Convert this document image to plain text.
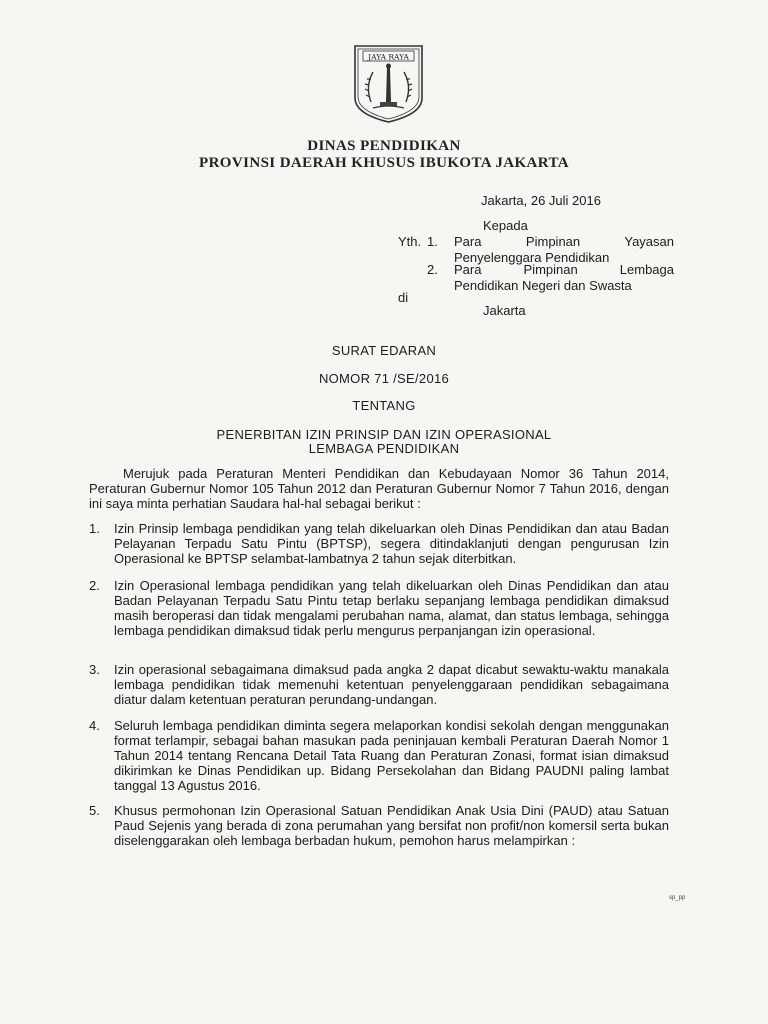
JAYA RAYA
DINAS PENDIDIKAN
PROVINSI DAERAH KHUSUS IBUKOTA JAKARTA
Jakarta, 26 Juli 2016
Kepada
Yth. 1. Para Pimpinan Yayasan
Penyelenggara Pendidikan
2. Para Pimpinan Lembaga
Pendidikan Negeri dan Swasta
di
Jakarta
SURAT EDARAN
NOMOR 71 /SE/2016
TENTANG
PENERBITAN IZIN PRINSIP DAN IZIN OPERASIONAL
LEMBAGA PENDIDIKAN
Merujuk pada Peraturan Menteri Pendidikan dan Kebudayaan Nomor 36 Tahun 2014, Peraturan Gubernur Nomor 105 Tahun 2012 dan Peraturan Gubernur Nomor 7 Tahun 2016, dengan ini saya minta perhatian Saudara hal-hal sebagai berikut :
1. Izin Prinsip lembaga pendidikan yang telah dikeluarkan oleh Dinas Pendidikan dan atau Badan Pelayanan Terpadu Satu Pintu (BPTSP), segera ditindaklanjuti dengan pengurusan Izin Operasional ke BPTSP selambat-lambatnya 2 tahun sejak diterbitkan.
2. Izin Operasional lembaga pendidikan yang telah dikeluarkan oleh Dinas Pendidikan dan atau Badan Pelayanan Terpadu Satu Pintu tetap berlaku sepanjang lembaga pendidikan dimaksud masih beroperasi dan tidak mengalami perubahan nama, alamat, dan status lembaga, sehingga lembaga pendidikan dimaksud tidak perlu mengurus perpanjangan izin operasional.
3. Izin operasional sebagaimana dimaksud pada angka 2 dapat dicabut sewaktu-waktu manakala lembaga pendidikan tidak memenuhi ketentuan penyelenggaraan pendidikan sebagaimana diatur dalam ketentuan peraturan perundang-undangan.
4. Seluruh lembaga pendidikan diminta segera melaporkan kondisi sekolah dengan menggunakan format terlampir, sebagai bahan masukan pada peninjauan kembali Peraturan Daerah Nomor 1 Tahun 2014 tentang Rencana Detail Tata Ruang dan Peraturan Zonasi, format isian dimaksud dikirimkan ke Dinas Pendidikan up. Bidang Persekolahan dan Bidang PAUDNI paling lambat tanggal 13 Agustus 2016.
5. Khusus permohonan Izin Operasional Satuan Pendidikan Anak Usia Dini (PAUD) atau Satuan Paud Sejenis yang berada di zona perumahan yang bersifat non profit/non komersil serta bukan diselenggarakan oleh lembaga berbadan hukum, pemohon harus melampirkan :
sp_pp
